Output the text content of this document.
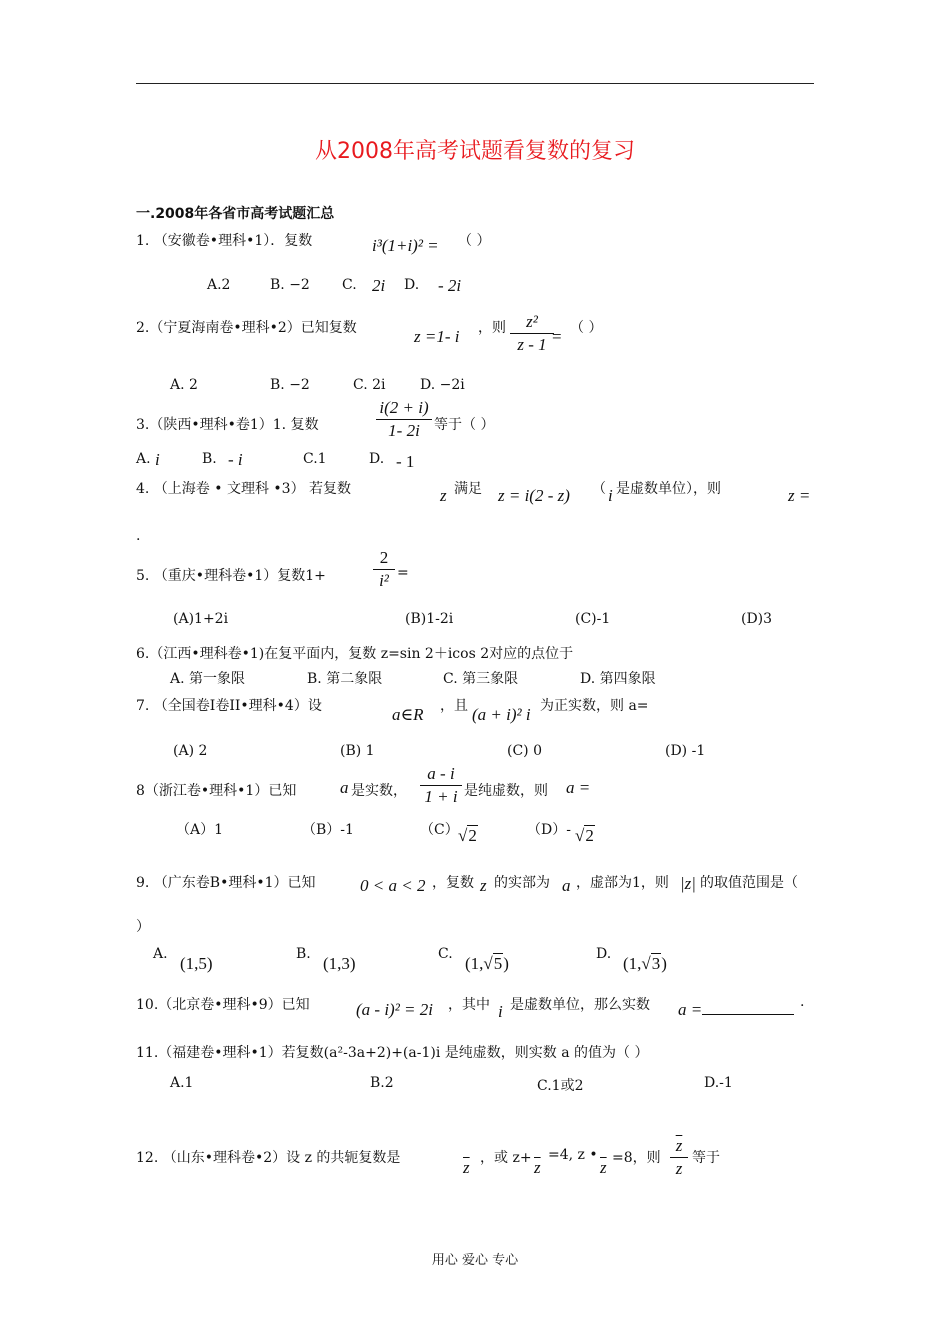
从2008年高考试题看复数的复习
一.2008年各省市高考试题汇总
1. （安徽卷•理科•1）．复数	i³(1+i)² = （ ）
A.2	B. −2 C. 2i D. - 2i
2.（宁夏海南卷•理科•2）已知复数	z =1- i ，则	z²
z - 1 = （ ）
A. 2	B. −2	C. 2i D. −2i
3.（陕西•理科•卷1）1. 复数
i(2 + i)
1- 2i	等于（ ）
A. i	B. - i	C.1	D. - 1
4. （上海卷 • 文理科 •3） 若复数	z 满足 z = i(2 - z) （ i 是虚数单位），则	z =
.
5. （重庆•理科卷•1）复数1+
2
i² =
(A)1+2i	(B)1-2i	(C)-1	(D)3
6.（江西•理科卷•1)在复平面内，复数 z=sin 2＋icos 2对应的点位于
A. 第一象限	B. 第二象限	C. 第三象限	D. 第四象限
7. （全国卷Ⅰ卷II•理科•4）设	a∈R ，且 (a + i)² i 为正实数，则 a=
(A) 2	(B) 1	(C) 0	(D) -1
8（浙江卷•理科•1）已知	a 是实数，
a - i
1 + i 是纯虚数，则 a =
（A）1	（B）-1	（C） √2	（D）- √2
9. （广东卷B•理科•1）已知	0 < a < 2 ，复数 z 的实部为 a ，虚部为1，则 |z| 的取值范围是（
）
A. (1,5)	B. (1,3)	C. (1,√5)	D. (1,√3)
10.（北京卷•理科•9）已知	(a - i)² = 2i ，其中 i 是虚数单位，那么实数 a =	.
11.（福建卷•理科•1）若复数(a²-3a+2)+(a-1)i 是纯虚数，则实数 a 的值为（ ）
A.1	B.2	C.1或2	D.-1
12. （山东•理科卷•2）设 z 的共轭复数是	$\overline{z}$ ，或 $z+ \overline{z}$
=4, z •
$\overline{z} =8$，则
$\overline{z}$
z
等于
用心 爱心 专心
